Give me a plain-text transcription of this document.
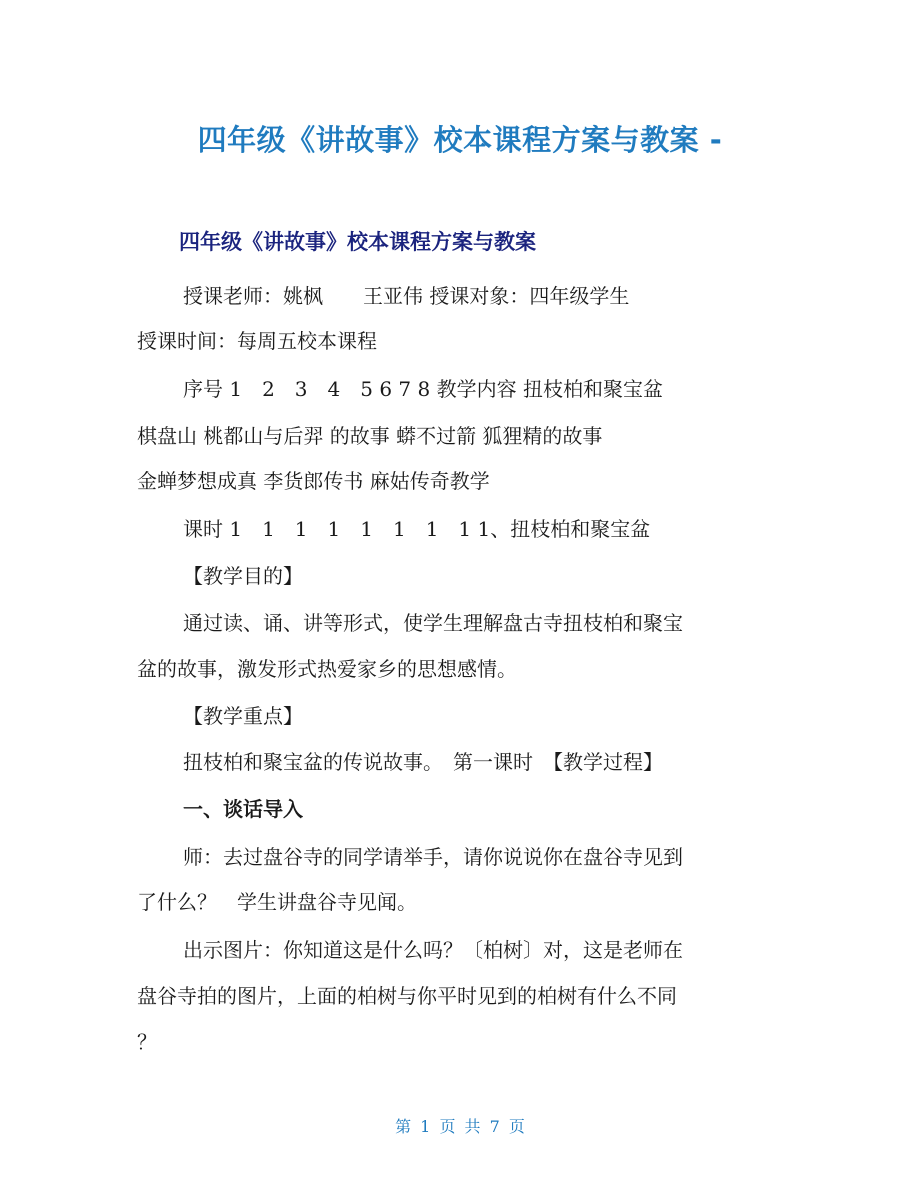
四年级《讲故事》校本课程方案与教案 -
四年级《讲故事》校本课程方案与教案
授课老师：姚枫　　王亚伟 授课对象：四年级学生
授课时间：每周五校本课程
序号 1　2　3　4　5 6 7 8 教学内容 扭枝柏和聚宝盆
棋盘山 桃都山与后羿 的故事 蟒不过箭 狐狸精的故事
金蝉梦想成真 李货郎传书 麻姑传奇教学
课时 1　1　1　1　1　1　1　1 1、扭枝柏和聚宝盆
【教学目的】
通过读、诵、讲等形式，使学生理解盘古寺扭枝柏和聚宝
盆的故事，激发形式热爱家乡的思想感情。
【教学重点】
扭枝柏和聚宝盆的传说故事。　第一课时　【教学过程】
一、谈话导入
师：去过盘谷寺的同学请举手，请你说说你在盘谷寺见到
了什么？　学生讲盘谷寺见闻。
出示图片：你知道这是什么吗？〔柏树〕对，这是老师在
盘谷寺拍的图片，上面的柏树与你平时见到的柏树有什么不同
？
第 1 页 共 7 页
